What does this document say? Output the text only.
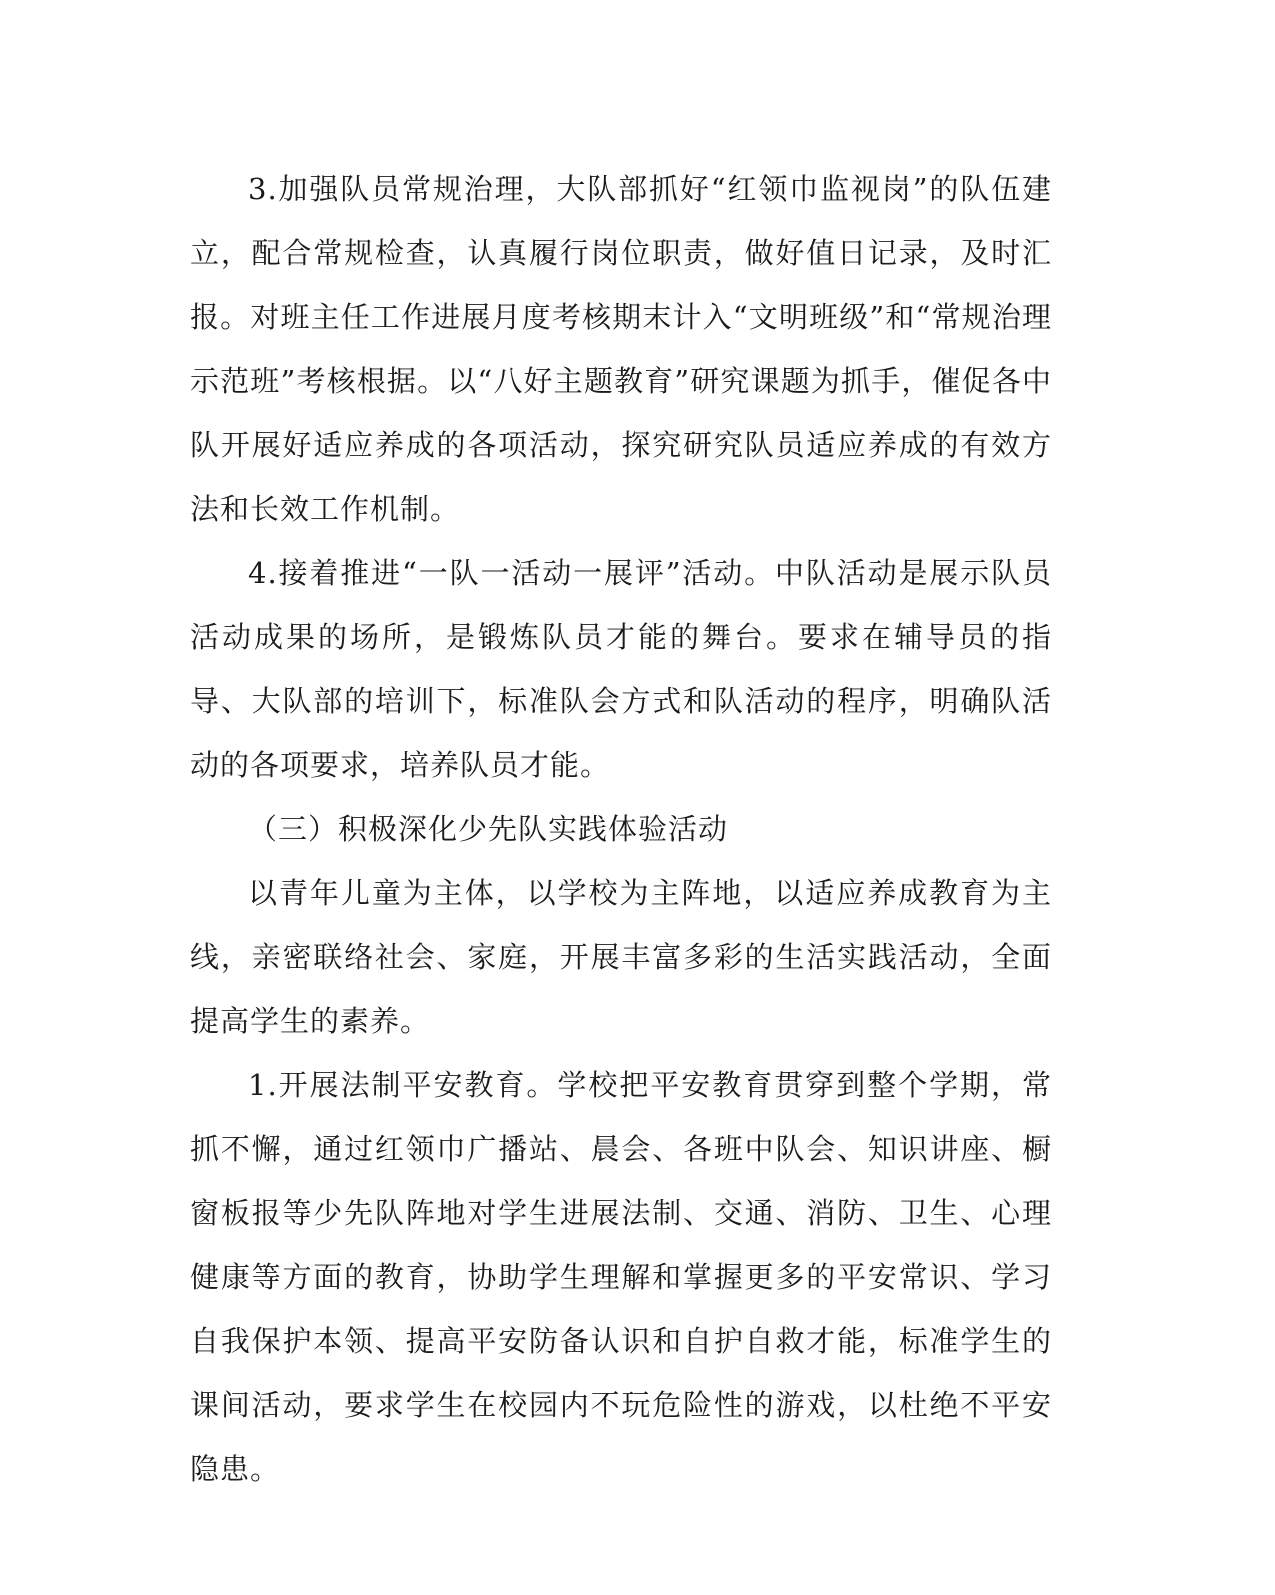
3.加强队员常规治理，大队部抓好“红领巾监视岗”的队伍建立，配合常规检查，认真履行岗位职责，做好值日记录，及时汇报。对班主任工作进展月度考核期末计入“文明班级”和“常规治理示范班”考核根据。以“八好主题教育”研究课题为抓手，催促各中队开展好适应养成的各项活动，探究研究队员适应养成的有效方法和长效工作机制。

4.接着推进“一队一活动一展评”活动。中队活动是展示队员活动成果的场所，是锻炼队员才能的舞台。要求在辅导员的指导、大队部的培训下，标准队会方式和队活动的程序，明确队活动的各项要求，培养队员才能。

（三）积极深化少先队实践体验活动

以青年儿童为主体，以学校为主阵地，以适应养成教育为主线，亲密联络社会、家庭，开展丰富多彩的生活实践活动，全面提高学生的素养。

1.开展法制平安教育。学校把平安教育贯穿到整个学期，常抓不懈，通过红领巾广播站、晨会、各班中队会、知识讲座、橱窗板报等少先队阵地对学生进展法制、交通、消防、卫生、心理健康等方面的教育，协助学生理解和掌握更多的平安常识、学习自我保护本领、提高平安防备认识和自护自救才能，标准学生的课间活动，要求学生在校园内不玩危险性的游戏，以杜绝不平安隐患。
